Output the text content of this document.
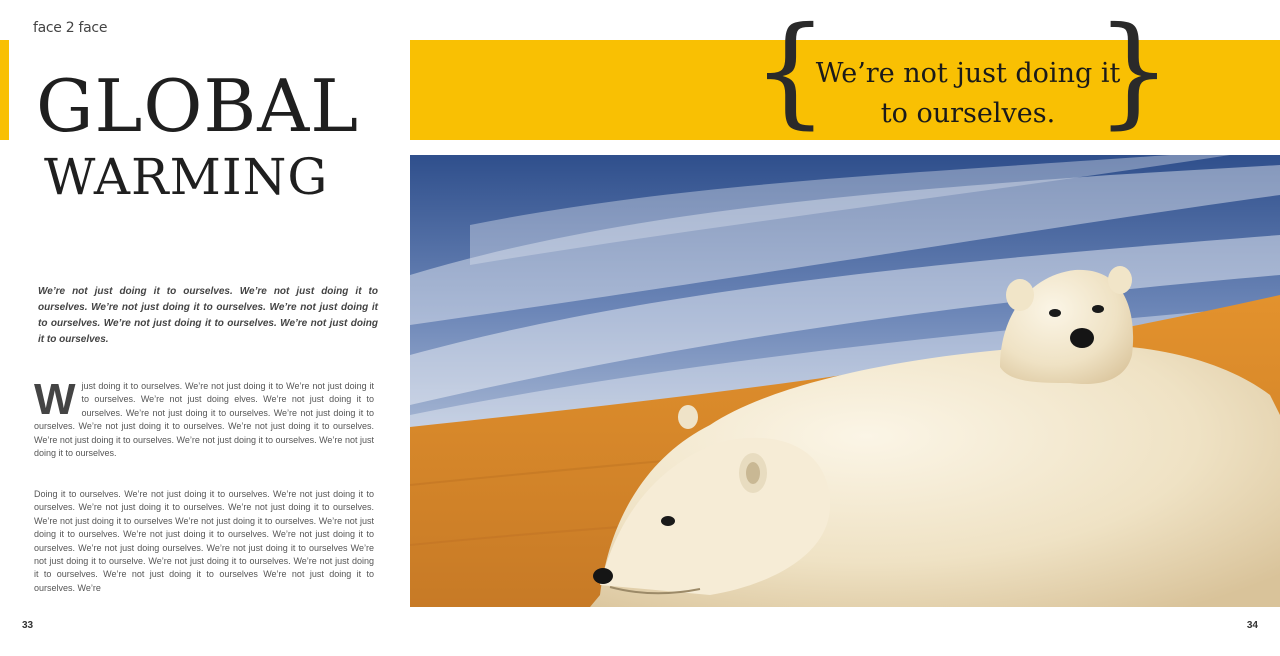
face 2 face
GLOBAL
WARMING
We’re not just doing it to ourselves. We’re not just doing it to ourselves. We’re not just doing it to ourselves. We’re not just doing it to ourselves. We’re not just doing it to ourselves. We’re not just doing it to ourselves.
W just doing it to ourselves. We’re not just doing it to We’re not just doing it to ourselves. We’re not just doing elves. We’re not just doing it to ourselves. We’re not just doing it to ourselves. We’re not just doing it to ourselves. We’re not just doing it to ourselves. We’re not just doing it to ourselves. We’re not just doing it to ourselves. We’re not just doing it to ourselves. We’re not just doing it to ourselves.
Doing it to ourselves. We’re not just doing it to ourselves. We’re not just doing it to ourselves. We’re not just doing it to ourselves. We’re not just doing it to ourselves. We’re not just doing it to ourselves We’re not just doing it to ourselves. We’re not just doing it to ourselves. We’re not just doing it to ourselves. We’re not just doing it to ourselves. We’re not just doing ourselves. We’re not just doing it to ourselves We’re not just doing it to ourselve. We’re not just doing it to ourselves. We’re not just doing it to ourselves. We’re not just doing it to ourselves We’re not just doing it to ourselves. We’re
33
{
We’re not just doing it
to ourselves. }
34
